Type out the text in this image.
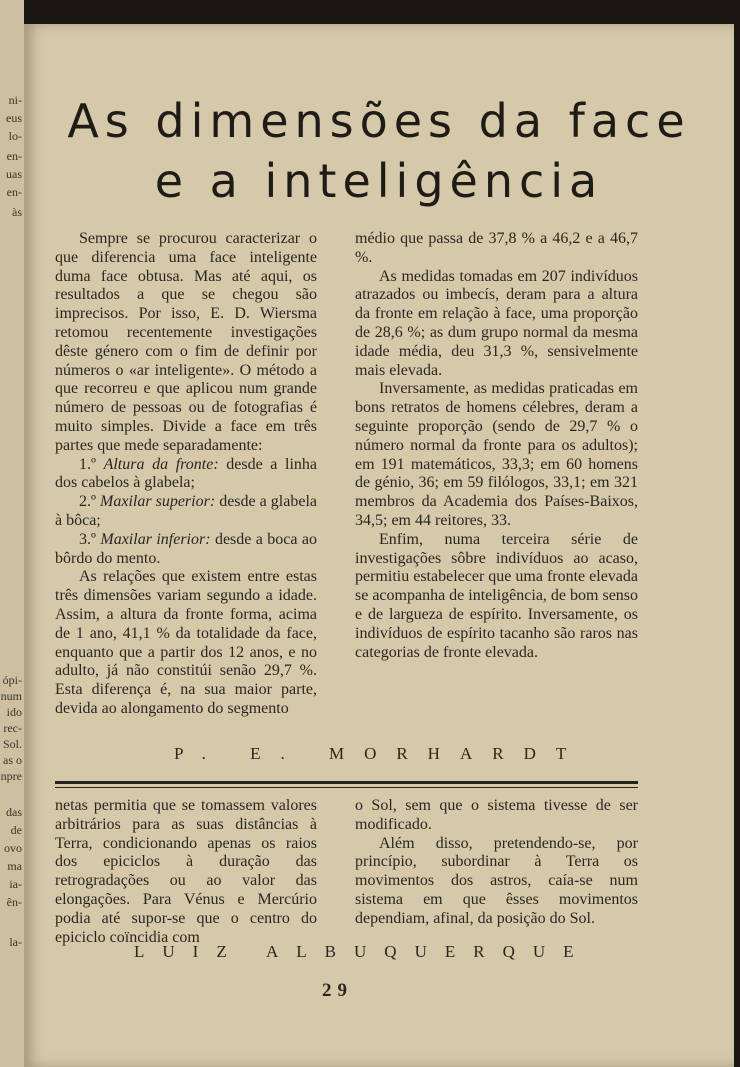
ni-
eus
lo-
en-
uas
en-
às
ópi-
num
ido
rec-
Sol.
as o
npre
das
de
ovo
ma
ia-
ên-
la-
As dimensões da face
e a inteligência

Sempre se procurou caracterizar o que diferencia uma face inteligente duma face obtusa. Mas até aqui, os resultados a que se chegou são imprecisos. Por isso, E. D. Wiersma retomou recentemente investigações dêste género com o fim de definir por números o «ar inteligente». O método a que recorreu e que aplicou num grande número de pessoas ou de fotografias é muito simples. Divide a face em três partes que mede separadamente:

1.º Altura da fronte: desde a linha dos cabelos à glabela;

2.º Maxilar superior: desde a glabela à bôca;

3.º Maxilar inferior: desde a boca ao bôrdo do mento.

As relações que existem entre estas três dimensões variam segundo a idade. Assim, a altura da fronte forma, acima de 1 ano, 41,1 % da totalidade da face, enquanto que a partir dos 12 anos, e no adulto, já não constitúi senão 29,7 %. Esta diferença é, na sua maior parte, devida ao alongamento do segmento

médio que passa de 37,8 % a 46,2 e a 46,7 %.

As medidas tomadas em 207 indivíduos atrazados ou imbecís, deram para a altura da fronte em relação à face, uma proporção de 28,6 %; as dum grupo normal da mesma idade média, deu 31,3 %, sensivelmente mais elevada.

Inversamente, as medidas praticadas em bons retratos de homens célebres, deram a seguinte proporção (sendo de 29,7 % o número normal da fronte para os adultos); em 191 matemáticos, 33,3; em 60 homens de génio, 36; em 59 filólogos, 33,1; em 321 membros da Academia dos Países-Baixos, 34,5; em 44 reitores, 33.

Enfim, numa terceira série de investigações sôbre indivíduos ao acaso, permitiu estabelecer que uma fronte elevada se acompanha de inteligência, de bom senso e de largueza de espírito. Inversamente, os indivíduos de espírito tacanho são raros nas categorias de fronte elevada.

P. E. MORHARDT

netas permitia que se tomassem valores arbitrários para as suas distâncias à Terra, condicionando apenas os raios dos epiciclos à duração das retrogradações ou ao valor das elongações. Para Vénus e Mercúrio podia até supor-se que o centro do epiciclo coïncidia com

o Sol, sem que o sistema tivesse de ser modificado.

Além disso, pretendendo-se, por princípio, subordinar à Terra os movimentos dos astros, caía-se num sistema em que êsses movimentos dependiam, afinal, da posição do Sol.

LUIZ ALBUQUERQUE
29
